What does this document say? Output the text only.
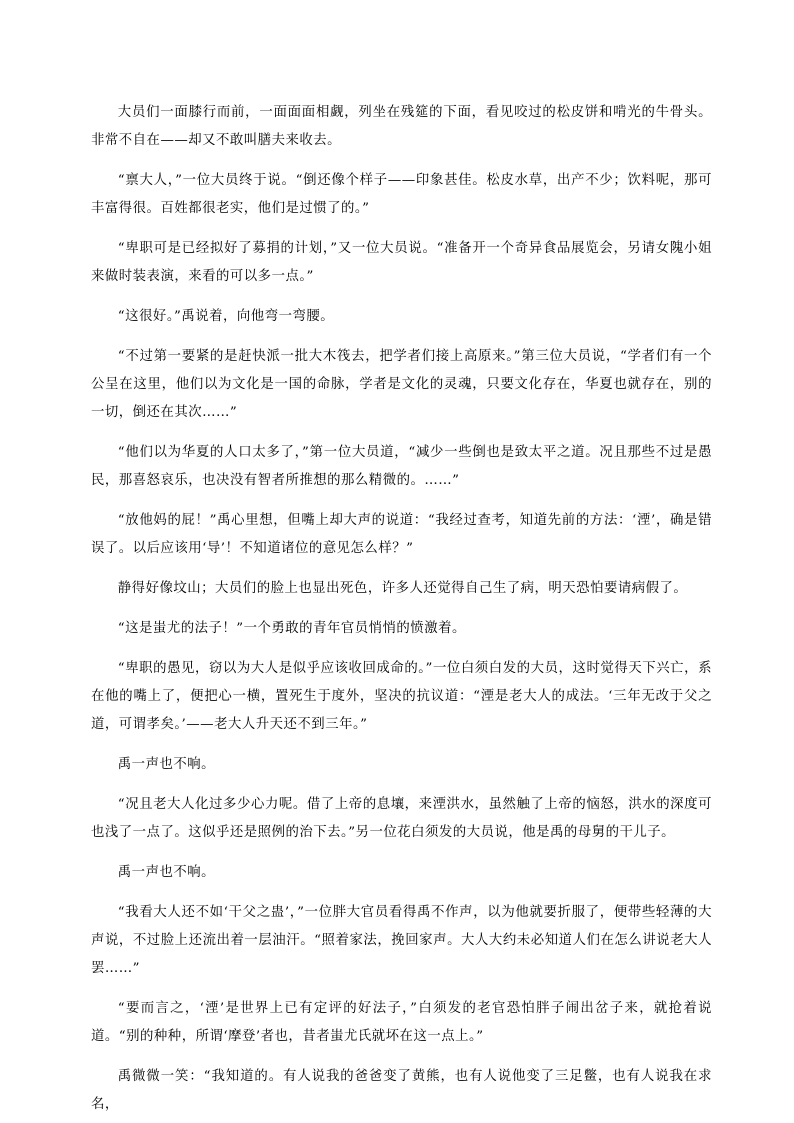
大员们一面膝行而前，一面面面相觑，列坐在残筵的下面，看见咬过的松皮饼和啃光的牛骨头。非常不自在——却又不敢叫膳夫来收去。

“禀大人，”一位大员终于说。“倒还像个样子——印象甚佳。松皮水草，出产不少；饮料呢，那可丰富得很。百姓都很老实，他们是过惯了的。”

“卑职可是已经拟好了募捐的计划，”又一位大员说。“准备开一个奇异食品展览会，另请女隗小姐来做时装表演，来看的可以多一点。”

“这很好。”禹说着，向他弯一弯腰。

“不过第一要紧的是赶快派一批大木筏去，把学者们接上高原来。”第三位大员说，“学者们有一个公呈在这里，他们以为文化是一国的命脉，学者是文化的灵魂，只要文化存在，华夏也就存在，别的一切，倒还在其次……”

“他们以为华夏的人口太多了，”第一位大员道，“减少一些倒也是致太平之道。况且那些不过是愚民，那喜怒哀乐，也决没有智者所推想的那么精微的。……”

“放他妈的屁！”禹心里想，但嘴上却大声的说道：“我经过查考，知道先前的方法：‘湮’，确是错误了。以后应该用‘导’！不知道诸位的意见怎么样？”

静得好像坟山；大员们的脸上也显出死色，许多人还觉得自己生了病，明天恐怕要请病假了。

“这是蚩尤的法子！”一个勇敢的青年官员悄悄的愤激着。

“卑职的愚见，窃以为大人是似乎应该收回成命的。”一位白须白发的大员，这时觉得天下兴亡，系在他的嘴上了，便把心一横，置死生于度外，坚决的抗议道：“湮是老大人的成法。‘三年无改于父之道，可谓孝矣。’——老大人升天还不到三年。”

禹一声也不响。

“况且老大人化过多少心力呢。借了上帝的息壤，来湮洪水，虽然触了上帝的恼怒，洪水的深度可也浅了一点了。这似乎还是照例的治下去。”另一位花白须发的大员说，他是禹的母舅的干儿子。

禹一声也不响。

“我看大人还不如‘干父之蛊’，”一位胖大官员看得禹不作声，以为他就要折服了，便带些轻薄的大声说，不过脸上还流出着一层油汗。“照着家法，挽回家声。大人大约未必知道人们在怎么讲说老大人罢……”

“要而言之，‘湮’是世界上已有定评的好法子，”白须发的老官恐怕胖子闹出岔子来，就抢着说道。“别的种种，所谓‘摩登’者也，昔者蚩尤氏就坏在这一点上。”

禹微微一笑：“我知道的。有人说我的爸爸变了黄熊，也有人说他变了三足鳖，也有人说我在求名，
